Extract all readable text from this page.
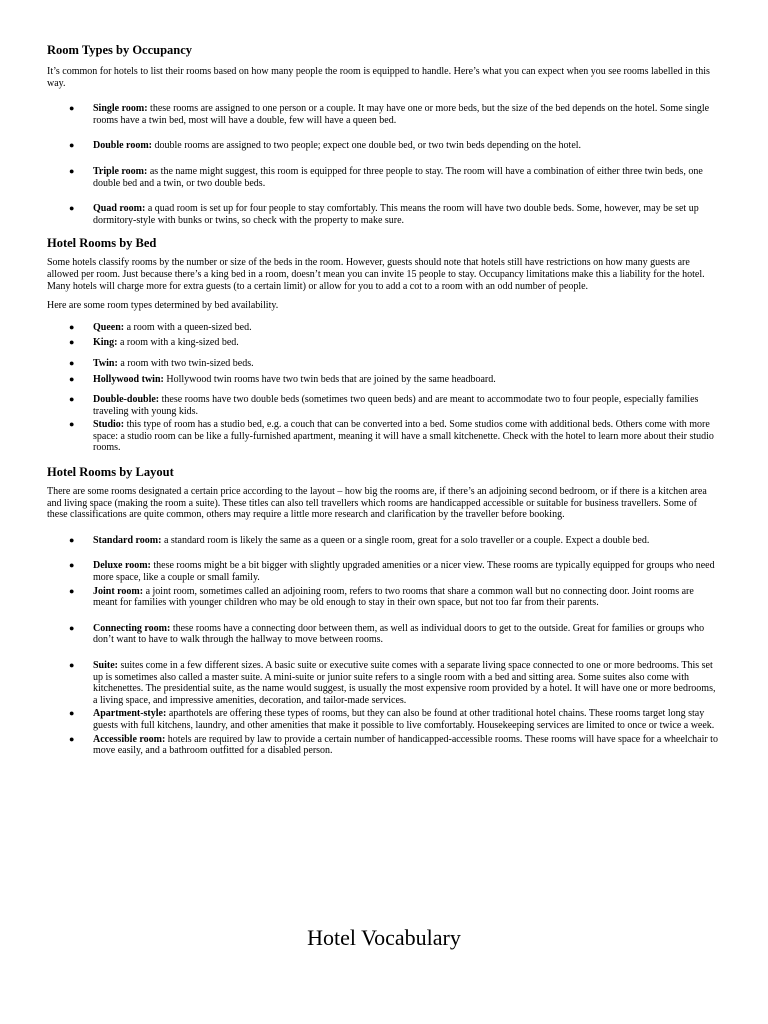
Room Types by Occupancy

It’s common for hotels to list their rooms based on how many people the room is equipped to handle. Here’s what you can expect when you see rooms labelled in this way.

● Single room: these rooms are assigned to one person or a couple. It may have one or more beds, but the size of the bed depends on the hotel. Some single rooms have a twin bed, most will have a double, few will have a queen bed.
● Double room: double rooms are assigned to two people; expect one double bed, or two twin beds depending on the hotel.
● Triple room: as the name might suggest, this room is equipped for three people to stay. The room will have a combination of either three twin beds, one double bed and a twin, or two double beds.
● Quad room: a quad room is set up for four people to stay comfortably. This means the room will have two double beds. Some, however, may be set up dormitory-style with bunks or twins, so check with the property to make sure.
Hotel Rooms by Bed

Some hotels classify rooms by the number or size of the beds in the room. However, guests should note that hotels still have restrictions on how many guests are allowed per room. Just because there’s a king bed in a room, doesn’t mean you can invite 15 people to stay. Occupancy limitations make this a liability for the hotel. Many hotels will charge more for extra guests (to a certain limit) or allow for you to add a cot to a room with an odd number of people.

Here are some room types determined by bed availability.

● Queen: a room with a queen-sized bed.
● King: a room with a king-sized bed.
● Twin: a room with two twin-sized beds.
● Hollywood twin: Hollywood twin rooms have two twin beds that are joined by the same headboard.
● Double-double: these rooms have two double beds (sometimes two queen beds) and are meant to accommodate two to four people, especially families traveling with young kids.
● Studio: this type of room has a studio bed, e.g. a couch that can be converted into a bed. Some studios come with additional beds. Others come with more space: a studio room can be like a fully-furnished apartment, meaning it will have a small kitchenette. Check with the hotel to learn more about their studio rooms.
Hotel Rooms by Layout

There are some rooms designated a certain price according to the layout – how big the rooms are, if there’s an adjoining second bedroom, or if there is a kitchen area and living space (making the room a suite). These titles can also tell travellers which rooms are handicapped accessible or suitable for business travellers. Some of these classifications are quite common, others may require a little more research and clarification by the traveller before booking.

● Standard room: a standard room is likely the same as a queen or a single room, great for a solo traveller or a couple. Expect a double bed.
● Deluxe room: these rooms might be a bit bigger with slightly upgraded amenities or a nicer view. These rooms are typically equipped for groups who need more space, like a couple or small family.
● Joint room: a joint room, sometimes called an adjoining room, refers to two rooms that share a common wall but no connecting door. Joint rooms are meant for families with younger children who may be old enough to stay in their own space, but not too far from their parents.
● Connecting room: these rooms have a connecting door between them, as well as individual doors to get to the outside. Great for families or groups who don’t want to have to walk through the hallway to move between rooms.
● Suite: suites come in a few different sizes. A basic suite or executive suite comes with a separate living space connected to one or more bedrooms. This set up is sometimes also called a master suite. A mini-suite or junior suite refers to a single room with a bed and sitting area. Some suites also come with kitchenettes. The presidential suite, as the name would suggest, is usually the most expensive room provided by a hotel. It will have one or more bedrooms, a living space, and impressive amenities, decoration, and tailor-made services.
● Apartment-style: aparthotels are offering these types of rooms, but they can also be found at other traditional hotel chains. These rooms target long stay guests with full kitchens, laundry, and other amenities that make it possible to live comfortably. Housekeeping services are limited to once or twice a week.
● Accessible room: hotels are required by law to provide a certain number of handicapped-accessible rooms. These rooms will have space for a wheelchair to move easily, and a bathroom outfitted for a disabled person.
Hotel Vocabulary
